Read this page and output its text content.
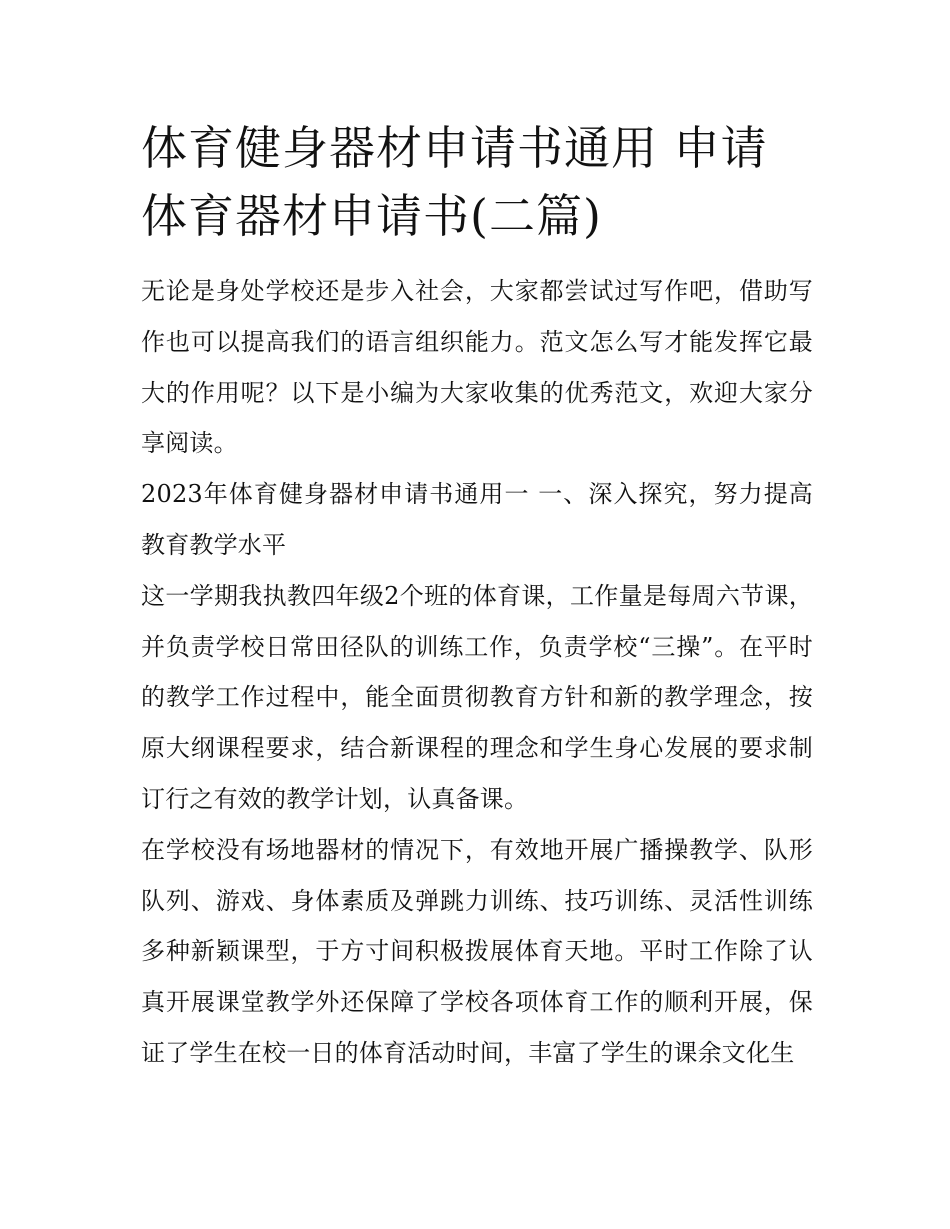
体育健身器材申请书通用 申请体育器材申请书(二篇)

无论是身处学校还是步入社会，大家都尝试过写作吧，借助写作也可以提高我们的语言组织能力。范文怎么写才能发挥它最大的作用呢？以下是小编为大家收集的优秀范文，欢迎大家分享阅读。

2023年体育健身器材申请书通用一 一、深入探究，努力提高教育教学水平

这一学期我执教四年级2个班的体育课，工作量是每周六节课，并负责学校日常田径队的训练工作，负责学校“三操”。在平时的教学工作过程中，能全面贯彻教育方针和新的教学理念，按原大纲课程要求，结合新课程的理念和学生身心发展的要求制订行之有效的教学计划，认真备课。

在学校没有场地器材的情况下，有效地开展广播操教学、队形队列、游戏、身体素质及弹跳力训练、技巧训练、灵活性训练多种新颖课型，于方寸间积极拨展体育天地。平时工作除了认真开展课堂教学外还保障了学校各项体育工作的顺利开展，保证了学生在校一日的体育活动时间，丰富了学生的课余文化生
